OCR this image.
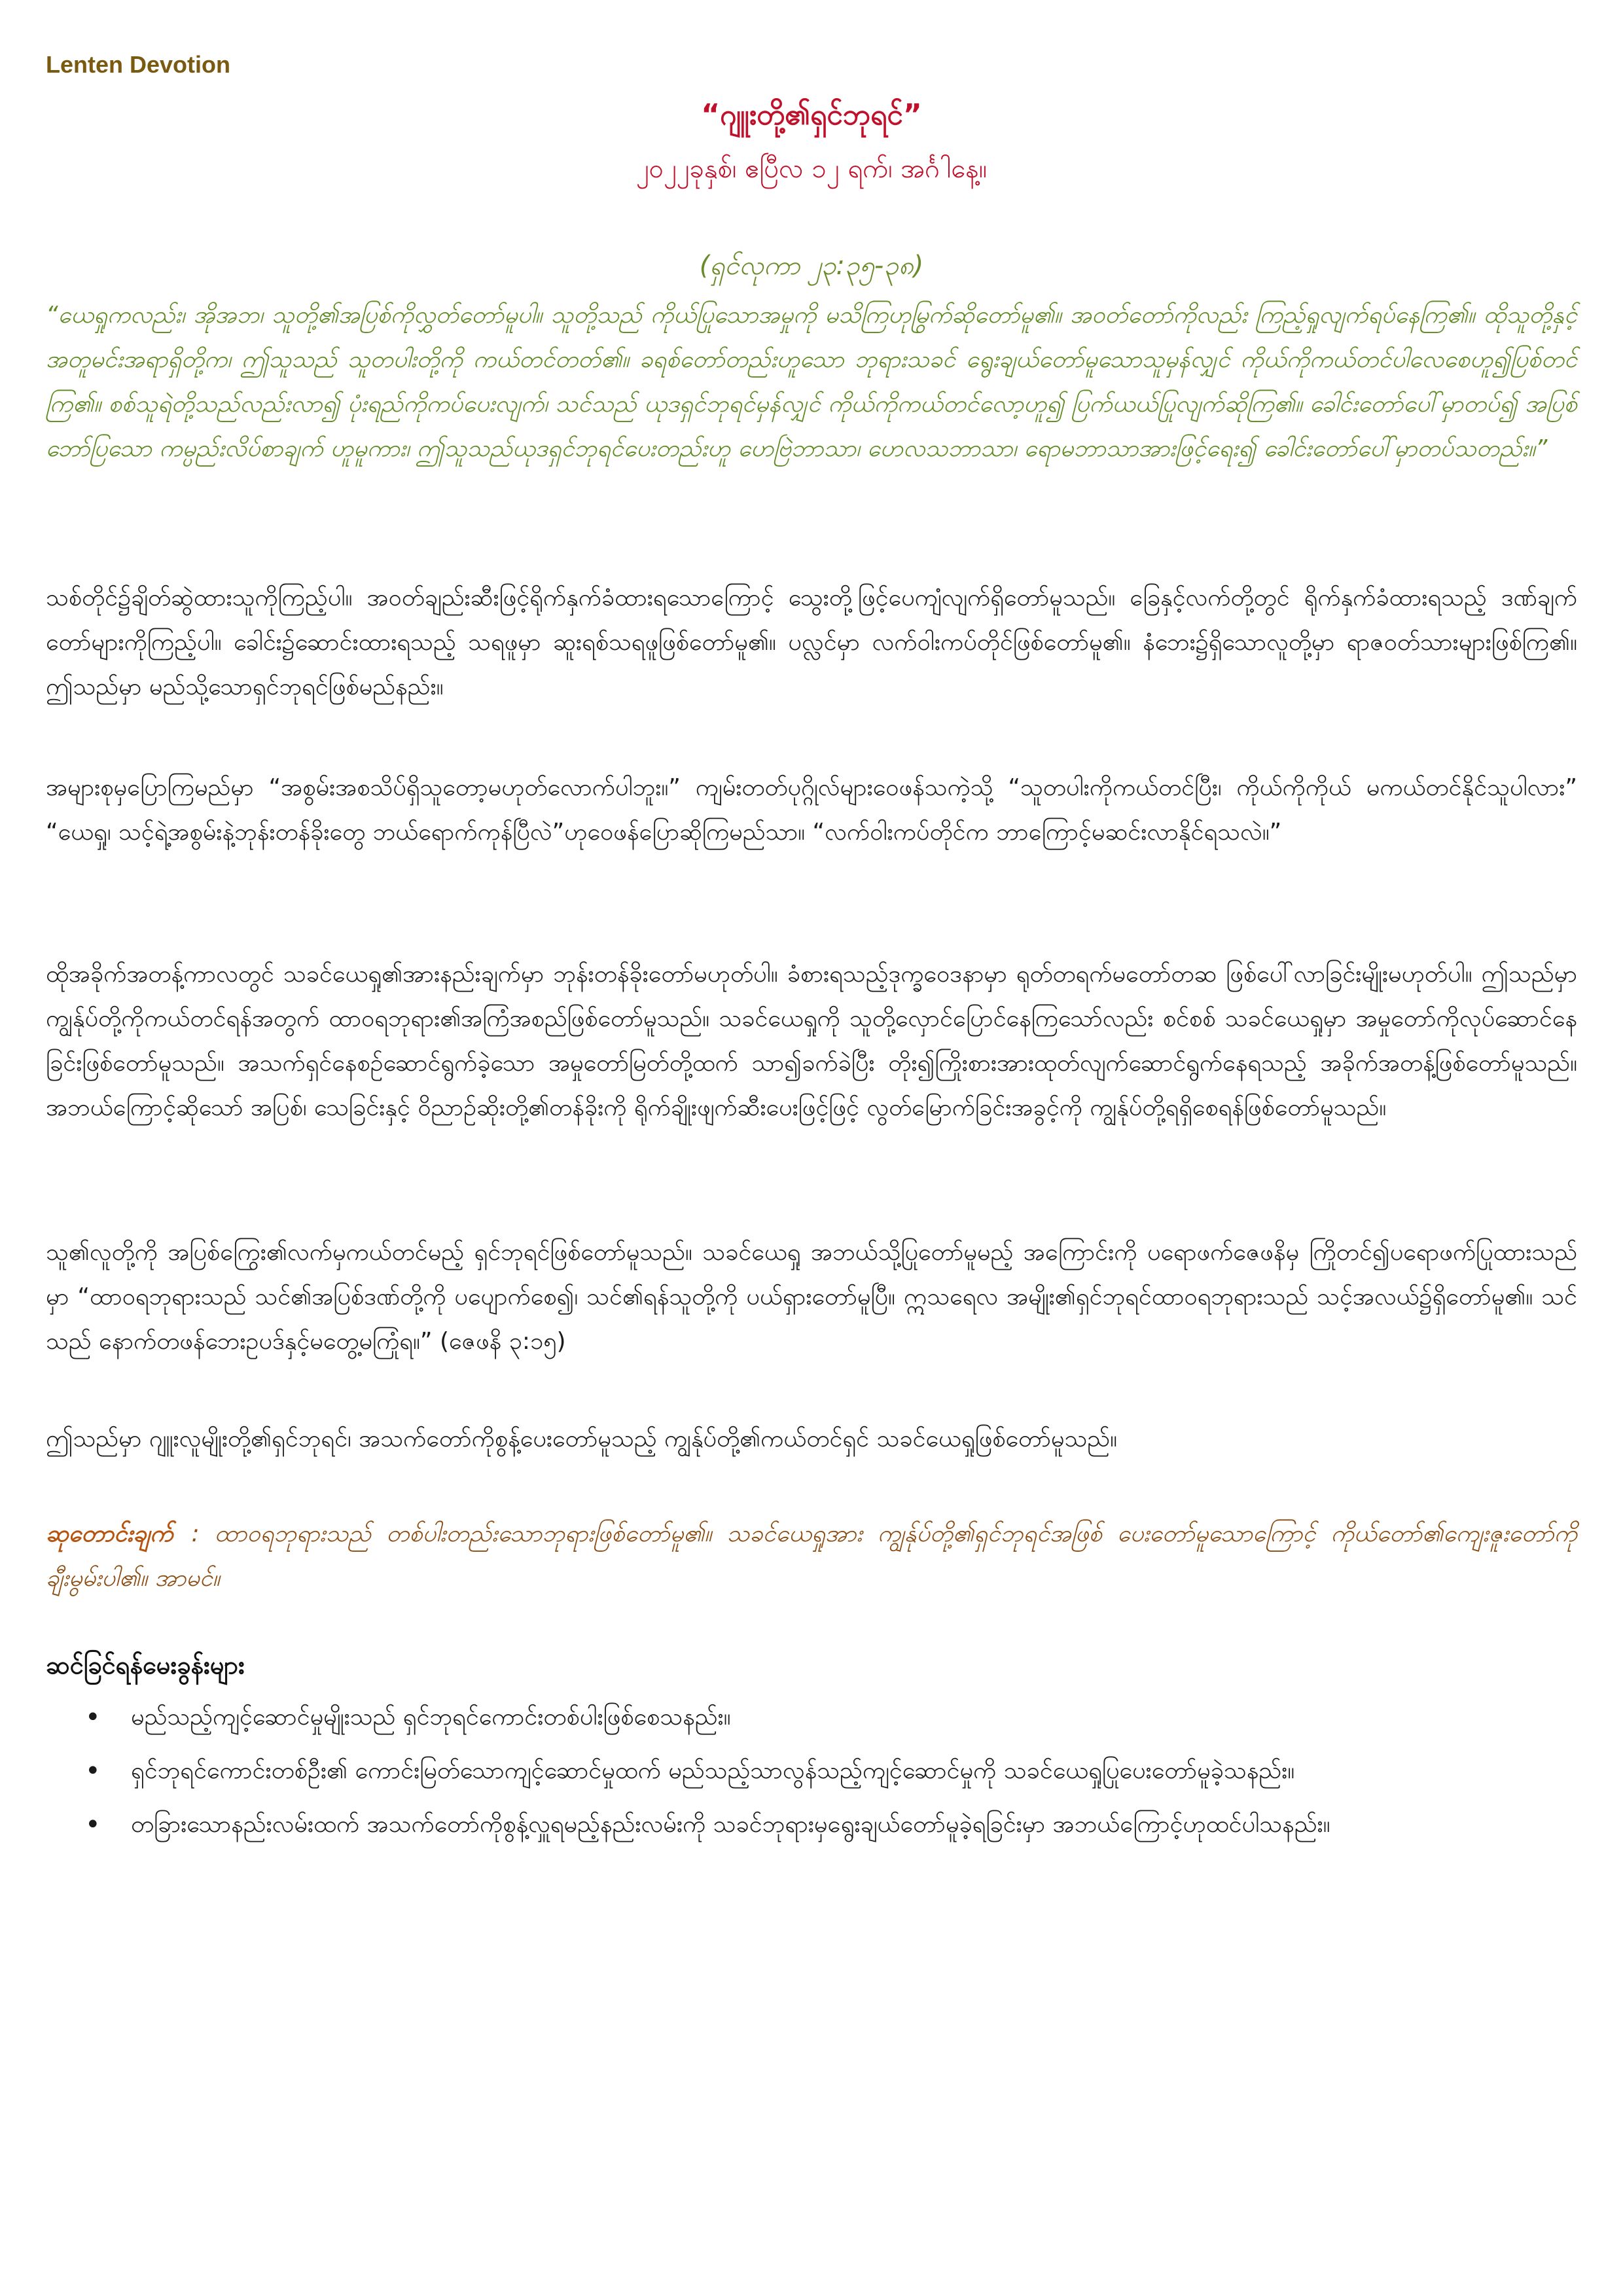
Lenten Devotion
“ဂျူးတို့၏ရှင်ဘုရင်”
၂၀၂၂ခုနှစ်၊ ဧပြီလ ၁၂ ရက်၊ အင်္ဂါနေ့။
(ရှင်လုကာ ၂၃:၃၅-၃၈)
“ယေရှုကလည်း၊ အိုအဘ၊ သူတို့၏အပြစ်ကိုလွှတ်တော်မူပါ။ သူတို့သည် ကိုယ်ပြုသောအမှုကို မသိကြဟုမြွက်ဆိုတော်မူ၏။ အဝတ်တော်ကိုလည်း ကြည့်ရှုလျက်ရပ်နေကြ၏။ ထိုသူတို့နှင့်အတူမင်းအရာရှိတို့က၊ ဤသူသည် သူတပါးတို့ကို ကယ်တင်တတ်၏။ ခရစ်တော်တည်းဟူသော ဘုရားသခင် ရွေးချယ်တော်မူသောသူမှန်လျှင် ကိုယ်ကိုကယ်တင်ပါလေစေဟူ၍ပြစ်တင်ကြ၏။ စစ်သူရဲတို့သည်လည်းလာ၍ ပုံးရည်ကိုကပ်ပေးလျက်၊ သင်သည် ယုဒရှင်ဘုရင်မှန်လျှင် ကိုယ်ကိုကယ်တင်လော့ဟူ၍ ပြက်ယယ်ပြုလျက်ဆိုကြ၏။ ခေါင်းတော်ပေါ်မှာတပ်၍ အပြစ်ဘော်ပြသော ကမ္ပည်းလိပ်စာချက် ဟူမူကား၊ ဤသူသည်ယုဒရှင်ဘုရင်ပေးတည်းဟူ ဟေဗြဲဘာသာ၊ ဟေလသဘာသာ၊ ရောမဘာသာအားဖြင့်ရေး၍ ခေါင်းတော်ပေါ်မှာတပ်သတည်း။”
သစ်တိုင်၌ချိတ်ဆွဲထားသူကိုကြည့်ပါ။ အဝတ်ချည်းဆီးဖြင့်ရိုက်နှက်ခံထားရသောကြောင့် သွေးတို့ဖြင့်ပေကျံလျက်ရှိတော်မူသည်။ ခြေနှင့်လက်တို့တွင် ရိုက်နှက်ခံထားရသည့် ဒဏ်ချက်တော်များကိုကြည့်ပါ။ ခေါင်း၌ဆောင်းထားရသည့် သရဖူမှာ ဆူးရစ်သရဖူဖြစ်တော်မူ၏။ ပလ္လင်မှာ လက်ဝါးကပ်တိုင်ဖြစ်တော်မူ၏။ နံဘေး၌ရှိသောလူတို့မှာ ရာဇဝတ်သားများဖြစ်ကြ၏။ ဤသည်မှာ မည်သို့သောရှင်ဘုရင်ဖြစ်မည်နည်း။
အများစုမှပြောကြမည်မှာ “အစွမ်းအစသိပ်ရှိသူတော့မဟုတ်လောက်ပါဘူး။” ကျမ်းတတ်ပုဂ္ဂိုလ်များဝေဖန်သကဲ့သို့ “သူတပါးကိုကယ်တင်ပြီး၊ ကိုယ်ကိုကိုယ် မကယ်တင်နိုင်သူပါလား” “ယေရှု၊ သင့်ရဲ့အစွမ်းနဲ့ဘုန်းတန်ခိုးတွေ ဘယ်ရောက်ကုန်ပြီလဲ”ဟုဝေဖန်ပြောဆိုကြမည်သာ။ “လက်ဝါးကပ်တိုင်က ဘာကြောင့်မဆင်းလာနိုင်ရသလဲ။”
ထိုအခိုက်အတန့်ကာလတွင် သခင်ယေရှု၏အားနည်းချက်မှာ ဘုန်းတန်ခိုးတော်မဟုတ်ပါ။ ခံစားရသည့်ဒုက္ခဝေဒနာမှာ ရုတ်တရက်မတော်တဆ ဖြစ်ပေါ်လာခြင်းမျိုးမဟုတ်ပါ။ ဤသည်မှာ ကျွန်ုပ်တို့ကိုကယ်တင်ရန်အတွက် ထာဝရဘုရား၏အကြံအစည်ဖြစ်တော်မူသည်။ သခင်ယေရှုကို သူတို့လှောင်ပြောင်နေကြသော်လည်း စင်စစ် သခင်ယေရှုမှာ အမှုတော်ကိုလုပ်ဆောင်နေခြင်းဖြစ်တော်မူသည်။ အသက်ရှင်နေစဉ်ဆောင်ရွက်ခဲ့သော အမှုတော်မြတ်တို့ထက် သာ၍ခက်ခဲပြီး တိုး၍ကြိုးစားအားထုတ်လျက်ဆောင်ရွက်နေရသည့် အခိုက်အတန့်ဖြစ်တော်မူသည်။ အဘယ်ကြောင့်ဆိုသော် အပြစ်၊ သေခြင်းနှင့် ဝိညာဉ်ဆိုးတို့၏တန်ခိုးကို ရိုက်ချိုးဖျက်ဆီးပေးဖြင့်ဖြင့် လွတ်မြောက်ခြင်းအခွင့်ကို ကျွန်ုပ်တို့ရရှိစေရန်ဖြစ်တော်မူသည်။
သူ၏လူတို့ကို အပြစ်ကြွေး၏လက်မှကယ်တင်မည့် ရှင်ဘုရင်ဖြစ်တော်မူသည်။ သခင်ယေရှု အဘယ်သို့ပြုတော်မူမည့် အကြောင်းကို ပရောဖက်ဇေဖနိမှ ကြိုတင်၍ပရောဖက်ပြုထားသည်မှာ “ထာဝရဘုရားသည် သင်၏အပြစ်ဒဏ်တို့ကို ပပျောက်စေ၍၊ သင်၏ရန်သူတို့ကို ပယ်ရှားတော်မူပြီ။ ဣသရေလ အမျိုး၏ရှင်ဘုရင်ထာဝရဘုရားသည် သင့်အလယ်၌ရှိတော်မူ၏။ သင်သည် နောက်တဖန်ဘေးဥပဒ်နှင့်မတွေ့မကြုံရ။” (ဇေဖနိ ၃:၁၅)
ဤသည်မှာ ဂျူးလူမျိုးတို့၏ရှင်ဘုရင်၊ အသက်တော်ကိုစွန့်ပေးတော်မူသည့် ကျွန်ုပ်တို့၏ကယ်တင်ရှင် သခင်ယေရှုဖြစ်တော်မူသည်။
ဆုတောင်းချက် : ထာဝရဘုရားသည် တစ်ပါးတည်းသောဘုရားဖြစ်တော်မူ၏။ သခင်ယေရှုအား ကျွန်ုပ်တို့၏ရှင်ဘုရင်အဖြစ် ပေးတော်မူသောကြောင့် ကိုယ်တော်၏ကျေးဇူးတော်ကို ချီးမွမ်းပါ၏။ အာမင်။
ဆင်ခြင်ရန်မေးခွန်းများ
• မည်သည့်ကျင့်ဆောင်မှုမျိုးသည် ရှင်ဘုရင်ကောင်းတစ်ပါးဖြစ်စေသနည်း။
• ရှင်ဘုရင်ကောင်းတစ်ဦး၏ ကောင်းမြတ်သောကျင့်ဆောင်မှုထက် မည်သည့်သာလွန်သည့်ကျင့်ဆောင်မှုကို သခင်ယေရှုပြုပေးတော်မူခဲ့သနည်း။
• တခြားသောနည်းလမ်းထက် အသက်တော်ကိုစွန့်လှူရမည့်နည်းလမ်းကို သခင်ဘုရားမှရွေးချယ်တော်မူခဲ့ရခြင်းမှာ အဘယ်ကြောင့်ဟုထင်ပါသနည်း။
